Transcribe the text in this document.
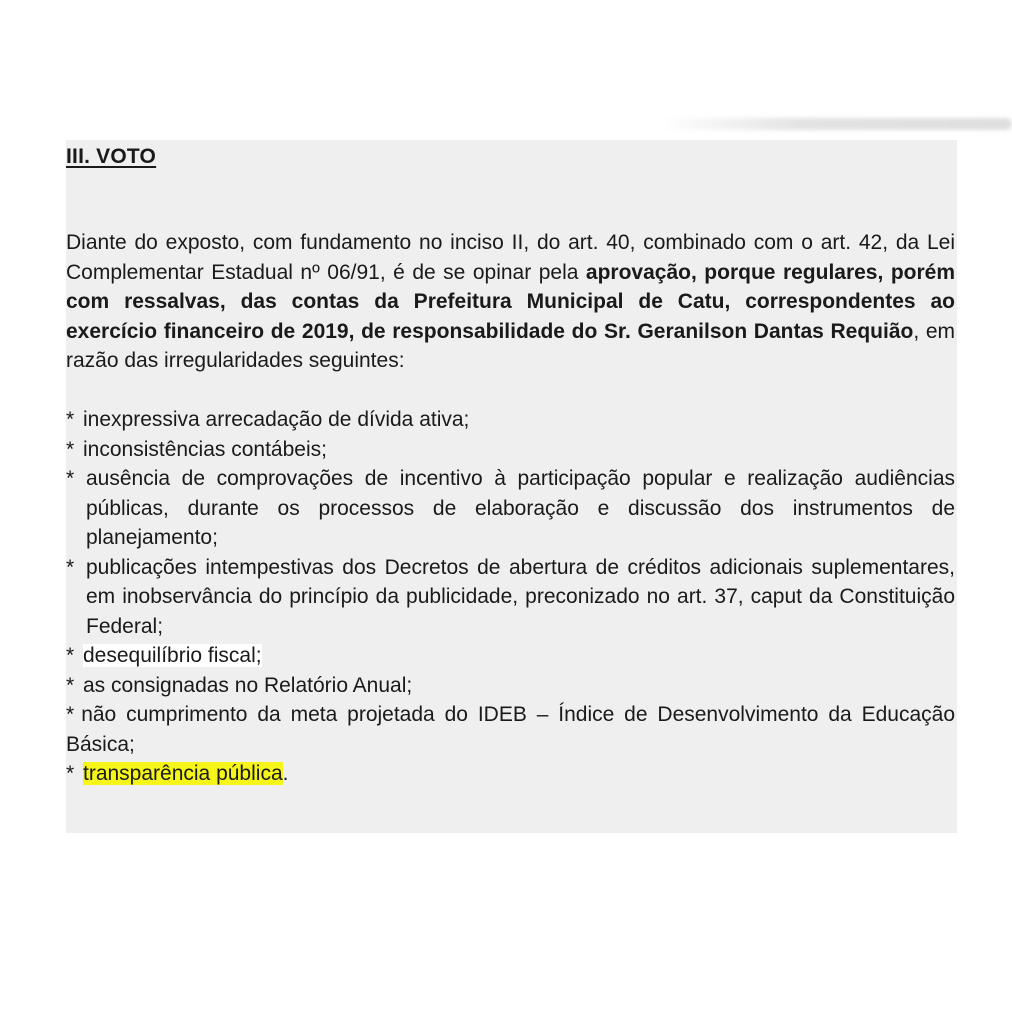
III. VOTO

Diante do exposto, com fundamento no inciso II, do art. 40, combinado com o art. 42, da Lei Complementar Estadual nº 06/91, é de se opinar pela aprovação, porque regulares, porém com ressalvas, das contas da Prefeitura Municipal de Catu, correspondentes ao exercício financeiro de 2019, de responsabilidade do Sr. Geranilson Dantas Requião, em razão das irregularidades seguintes:

* inexpressiva arrecadação de dívida ativa;
* inconsistências contábeis;
* ausência de comprovações de incentivo à participação popular e realização audiências públicas, durante os processos de elaboração e discussão dos instrumentos de planejamento;
* publicações intempestivas dos Decretos de abertura de créditos adicionais suplementares, em inobservância do princípio da publicidade, preconizado no art. 37, caput da Constituição Federal;
* desequilíbrio fiscal;
* as consignadas no Relatório Anual;
* não cumprimento da meta projetada do IDEB – Índice de Desenvolvimento da Educação Básica;
* transparência pública.
